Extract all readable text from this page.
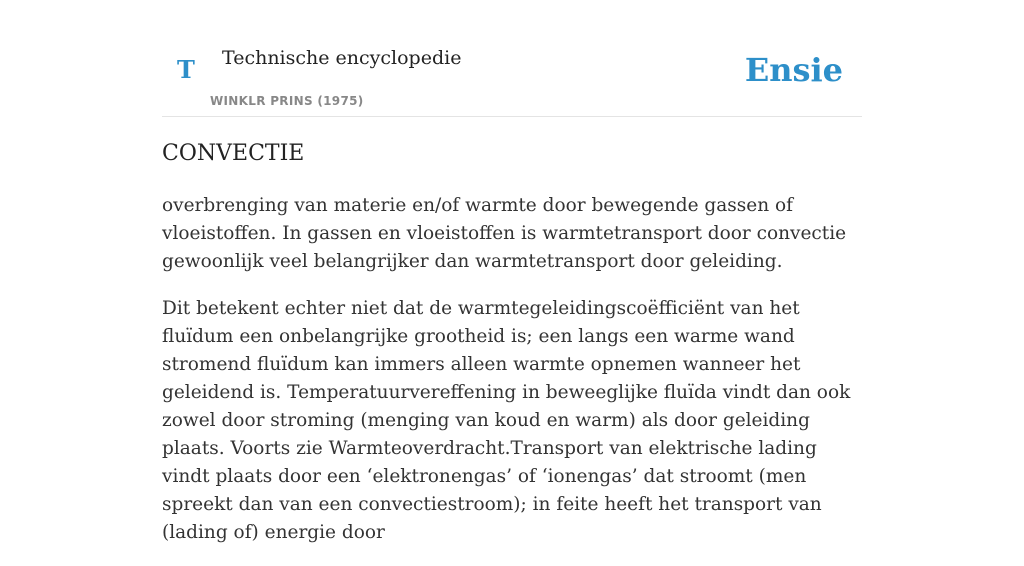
T Technische encyclopedie
WINKLR PRINS (1975)
Ensie
CONVECTIE

overbrenging van materie en/of warmte door bewegende gassen of vloeistoffen. In gassen en vloeistoffen is warmtetransport door convectie gewoonlijk veel belangrijker dan warmtetransport door geleiding.

Dit betekent echter niet dat de warmtegeleidingscoëfficiënt van het fluïdum een onbelangrijke grootheid is; een langs een warme wand stromend fluïdum kan immers alleen warmte opnemen wanneer het geleidend is. Temperatuurvereffening in beweeglijke fluïda vindt dan ook zowel door stroming (menging van koud en warm) als door geleiding plaats. Voorts zie Warmteoverdracht.Transport van elektrische lading vindt plaats door een ‘elektronengas’ of ‘ionengas’ dat stroomt (men spreekt dan van een convectiestroom); in feite heeft het transport van (lading of) energie door
